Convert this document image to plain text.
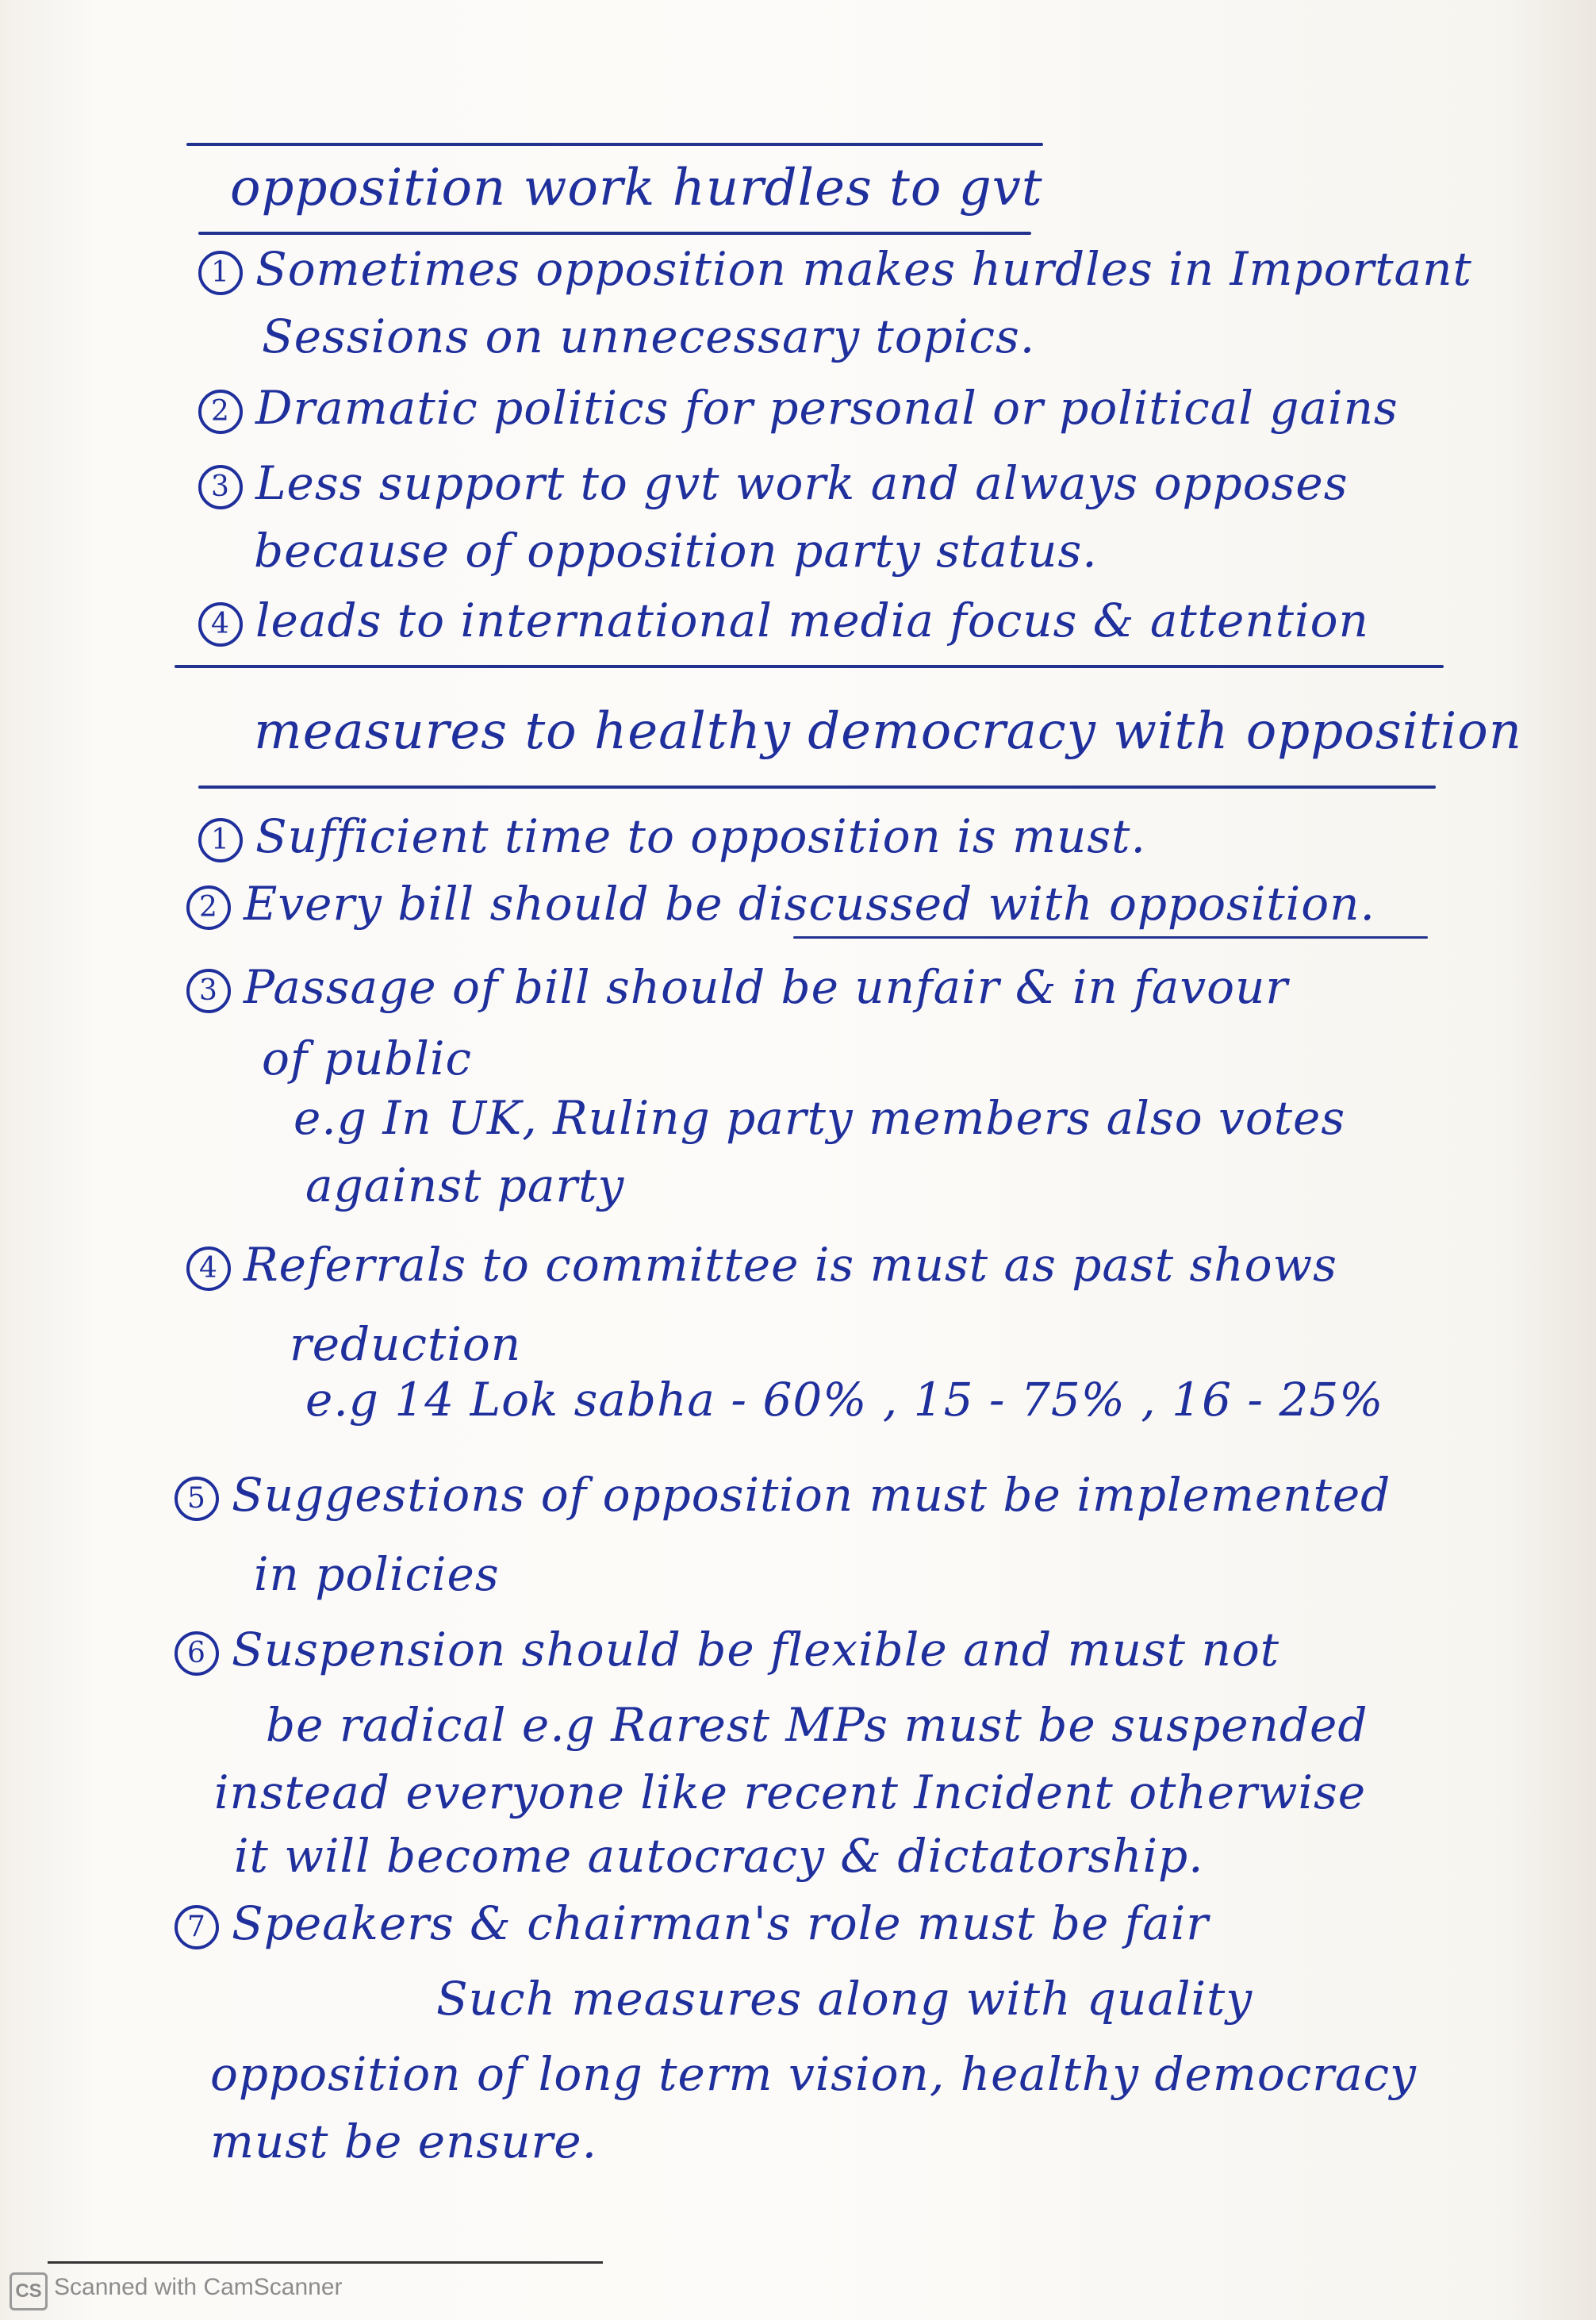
opposition work hurdles to gvt
1 Sometimes opposition makes hurdles in Important
Sessions on unnecessary topics.
2 Dramatic politics for personal or political gains
3 Less support to gvt work and always opposes
because of opposition party status.
4 leads to international media focus & attention
measures to healthy democracy with opposition
1 Sufficient time to opposition is must.
2 Every bill should be discussed with opposition.
3 Passage of bill should be unfair & in favour
of public
e.g In UK, Ruling party members also votes
against party
4 Referrals to committee is must as past shows
reduction
e.g 14 Lok sabha - 60% , 15 - 75% , 16 - 25%
5 Suggestions of opposition must be implemented
in policies
6 Suspension should be flexible and must not
be radical e.g Rarest MPs must be suspended
instead everyone like recent Incident otherwise
it will become autocracy & dictatorship.
7 Speakers & chairman's role must be fair
Such measures along with quality
opposition of long term vision, healthy democracy
must be ensure.
CS Scanned with CamScanner
